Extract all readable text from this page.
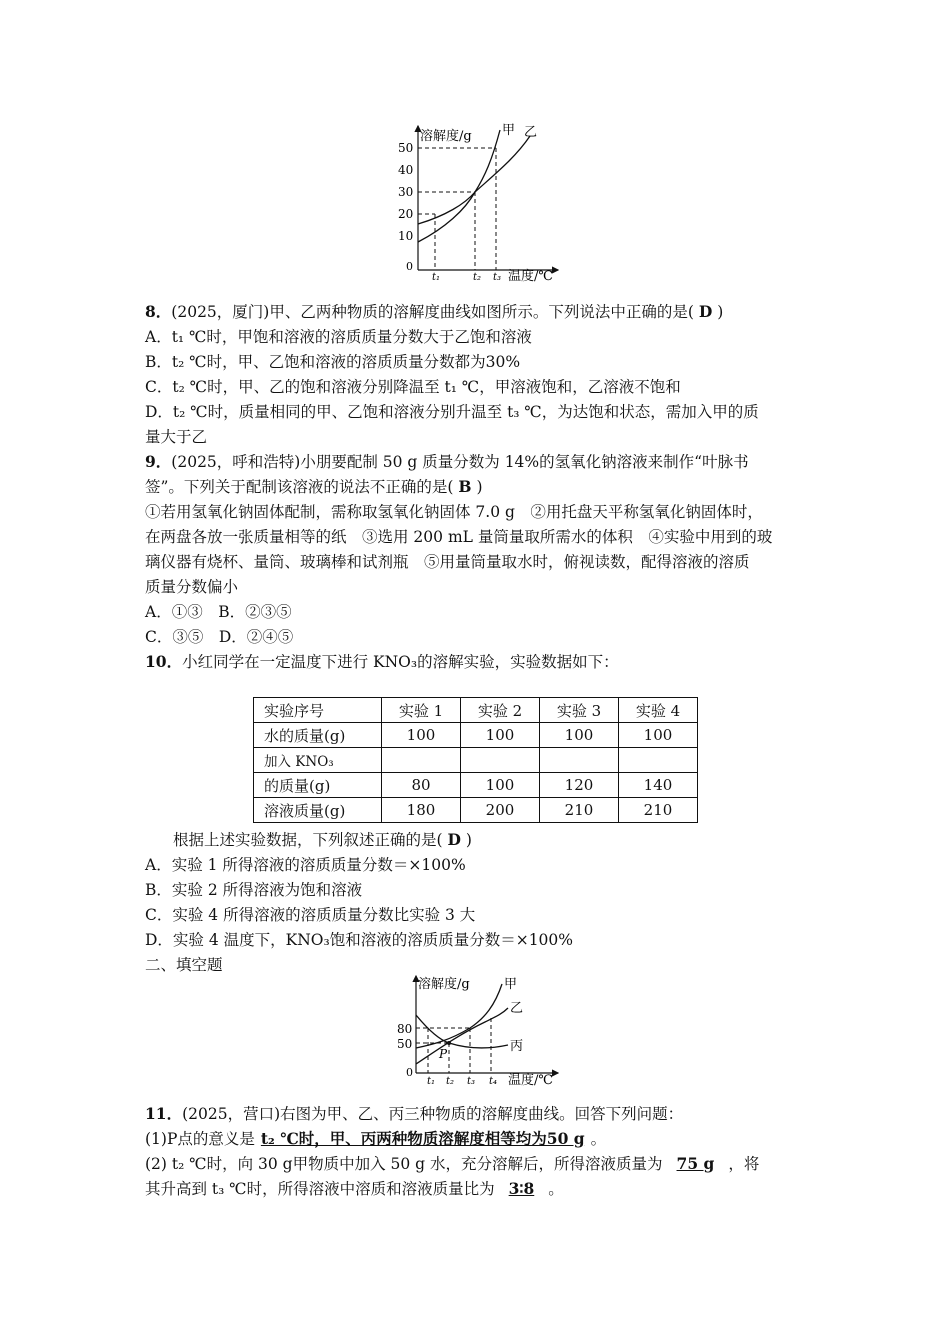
溶解度/g
温度/℃
0
10
20
30
40
50
t₁	t₂ t₃
甲 乙
8．(2025，厦门)甲、乙两种物质的溶解度曲线如图所示。下列说法中正确的是( D )
A．t₁ ℃时，甲饱和溶液的溶质质量分数大于乙饱和溶液
B．t₂ ℃时，甲、乙饱和溶液的溶质质量分数都为30%
C．t₂ ℃时，甲、乙的饱和溶液分别降温至 t₁ ℃，甲溶液饱和，乙溶液不饱和
D．t₂ ℃时，质量相同的甲、乙饱和溶液分别升温至 t₃ ℃，为达饱和状态，需加入甲的质
量大于乙
9．(2025，呼和浩特)小朋要配制 50 g 质量分数为 14%的氢氧化钠溶液来制作“叶脉书
签”。下列关于配制该溶液的说法不正确的是( B )
①若用氢氧化钠固体配制，需称取氢氧化钠固体 7.0 g　②用托盘天平称氢氧化钠固体时，
在两盘各放一张质量相等的纸　③选用 200 mL 量筒量取所需水的体积　④实验中用到的玻
璃仪器有烧杯、量筒、玻璃棒和试剂瓶　⑤用量筒量取水时，俯视读数，配得溶液的溶质
质量分数偏小
A．①③　B．②③⑤
C．③⑤　D．②④⑤
10．小红同学在一定温度下进行 KNO₃的溶解实验，实验数据如下：
实验序号	实验 1	实验 2	实验 3	实验 4
水的质量(g)	100	100	100	100
加入 KNO₃				
的质量(g)	80	100	120	140
溶液质量(g)	180	200	210	210
根据上述实验数据，下列叙述正确的是( D )
A．实验 1 所得溶液的溶质质量分数＝×100%
B．实验 2 所得溶液为饱和溶液
C．实验 4 所得溶液的溶质质量分数比实验 3 大
D．实验 4 温度下，KNO₃饱和溶液的溶质质量分数＝×100%
二、填空题
溶解度/g
温度/℃
0
80
50
t₁ t₂ t₃ t₄
P
甲
乙
丙
11．(2025，营口)右图为甲、乙、丙三种物质的溶解度曲线。回答下列问题：
(1)P点的意义是 t₂ ℃时，甲、丙两种物质溶解度相等均为50 g 。
(2) t₂ ℃时，向 30 g甲物质中加入 50 g 水，充分溶解后，所得溶液质量为 75 g ，将
其升高到 t₃ ℃时，所得溶液中溶质和溶液质量比为 3∶8 。
